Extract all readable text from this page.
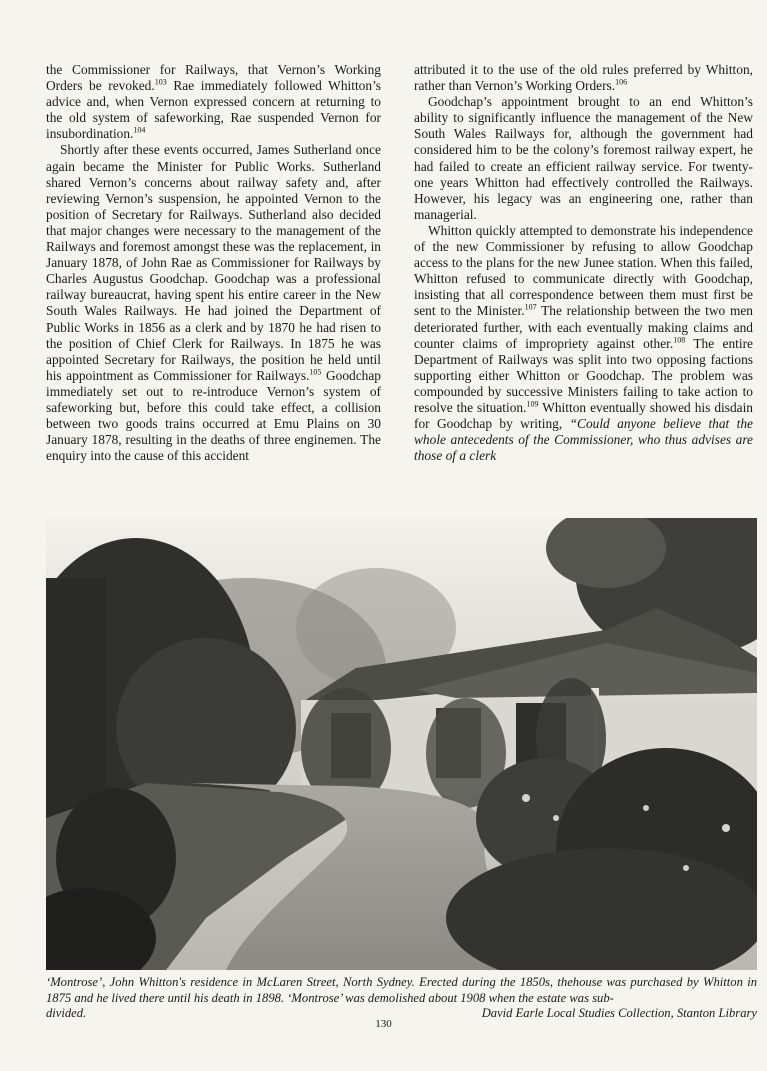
the Commissioner for Railways, that Vernon’s Working Orders be revoked.$^{103}$ Rae immediately followed Whitton’s advice and, when Vernon expressed concern at returning to the old system of safeworking, Rae suspended Vernon for insubordination.$^{104}$

Shortly after these events occurred, James Sutherland once again became the Minister for Public Works. Sutherland shared Vernon’s concerns about railway safety and, after reviewing Vernon’s suspension, he appointed Vernon to the position of Secretary for Railways. Sutherland also decided that major changes were necessary to the management of the Railways and foremost amongst these was the replacement, in January 1878, of John Rae as Commissioner for Railways by Charles Augustus Goodchap. Goodchap was a professional railway bureaucrat, having spent his entire career in the New South Wales Railways. He had joined the Department of Public Works in 1856 as a clerk and by 1870 he had risen to the position of Chief Clerk for Railways. In 1875 he was appointed Secretary for Railways, the position he held until his appointment as Commissioner for Railways.$^{105}$ Goodchap immediately set out to re-introduce Vernon’s system of safeworking but, before this could take effect, a collision between two goods trains occurred at Emu Plains on 30 January 1878, resulting in the deaths of three enginemen. The enquiry into the cause of this accident

attributed it to the use of the old rules preferred by Whitton, rather than Vernon’s Working Orders.$^{106}$

Goodchap’s appointment brought to an end Whitton’s ability to significantly influence the management of the New South Wales Railways for, although the government had considered him to be the colony’s foremost railway expert, he had failed to create an efficient railway service. For twenty-one years Whitton had effectively controlled the Railways. However, his legacy was an engineering one, rather than managerial.

Whitton quickly attempted to demonstrate his independence of the new Commissioner by refusing to allow Goodchap access to the plans for the new Junee station. When this failed, Whitton refused to communicate directly with Goodchap, insisting that all correspondence between them must first be sent to the Minister.$^{107}$ The relationship between the two men deteriorated further, with each eventually making claims and counter claims of impropriety against other.$^{108}$ The entire Department of Railways was split into two opposing factions supporting either Whitton or Goodchap. The problem was compounded by successive Ministers failing to take action to resolve the situation.$^{109}$ Whitton eventually showed his disdain for Goodchap by writing, “Could anyone believe that the whole antecedents of the Commissioner, who thus advises are those of a clerk

‘Montrose’, John Whitton's residence in McLaren Street, North Sydney. Erected during the 1850s, thehouse was purchased by Whitton in 1875 and he lived there until his death in 1898. ‘Montrose’ was demolished about 1908 when the estate was sub-
divided.	David Earle Local Studies Collection, Stanton Library
130
